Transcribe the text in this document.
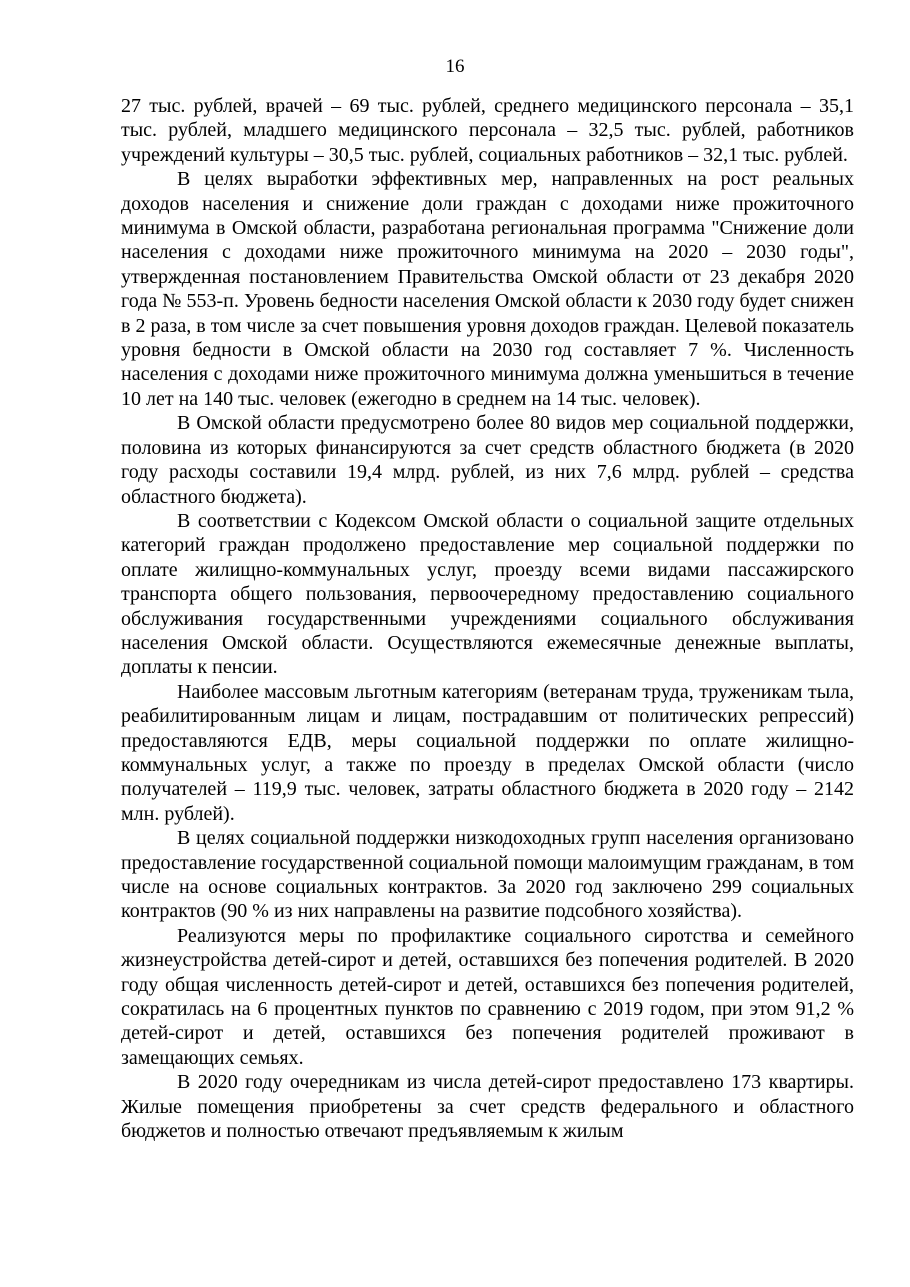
16

27 тыс. рублей, врачей – 69 тыс. рублей, среднего медицинского персонала – 35,1 тыс. рублей, младшего медицинского персонала – 32,5 тыс. рублей, работников учреждений культуры – 30,5 тыс. рублей, социальных работников – 32,1 тыс. рублей.

В целях выработки эффективных мер, направленных на рост реальных доходов населения и снижение доли граждан с доходами ниже прожиточного минимума в Омской области, разработана региональная программа "Снижение доли населения с доходами ниже прожиточного минимума на 2020 – 2030 годы", утвержденная постановлением Правительства Омской области от 23 декабря 2020 года № 553-п. Уровень бедности населения Омской области к 2030 году будет снижен в 2 раза, в том числе за счет повышения уровня доходов граждан. Целевой показатель уровня бедности в Омской области на 2030 год составляет 7 %. Численность населения с доходами ниже прожиточного минимума должна уменьшиться в течение 10 лет на 140 тыс. человек (ежегодно в среднем на 14 тыс. человек).

В Омской области предусмотрено более 80 видов мер социальной поддержки, половина из которых финансируются за счет средств областного бюджета (в 2020 году расходы составили 19,4 млрд. рублей, из них 7,6 млрд. рублей – средства областного бюджета).

В соответствии с Кодексом Омской области о социальной защите отдельных категорий граждан продолжено предоставление мер социальной поддержки по оплате жилищно-коммунальных услуг, проезду всеми видами пассажирского транспорта общего пользования, первоочередному предоставлению социального обслуживания государственными учреждениями социального обслуживания населения Омской области. Осуществляются ежемесячные денежные выплаты, доплаты к пенсии.

Наиболее массовым льготным категориям (ветеранам труда, труженикам тыла, реабилитированным лицам и лицам, пострадавшим от политических репрессий) предоставляются ЕДВ, меры социальной поддержки по оплате жилищно-коммунальных услуг, а также по проезду в пределах Омской области (число получателей – 119,9 тыс. человек, затраты областного бюджета в 2020 году – 2142 млн. рублей).

В целях социальной поддержки низкодоходных групп населения организовано предоставление государственной социальной помощи малоимущим гражданам, в том числе на основе социальных контрактов. За 2020 год заключено 299 социальных контрактов (90 % из них направлены на развитие подсобного хозяйства).

Реализуются меры по профилактике социального сиротства и семейного жизнеустройства детей-сирот и детей, оставшихся без попечения родителей. В 2020 году общая численность детей-сирот и детей, оставшихся без попечения родителей, сократилась на 6 процентных пунктов по сравнению с 2019 годом, при этом 91,2 % детей-сирот и детей, оставшихся без попечения родителей проживают в замещающих семьях.

В 2020 году очередникам из числа детей-сирот предоставлено 173 квартиры. Жилые помещения приобретены за счет средств федерального и областного бюджетов и полностью отвечают предъявляемым к жилым
